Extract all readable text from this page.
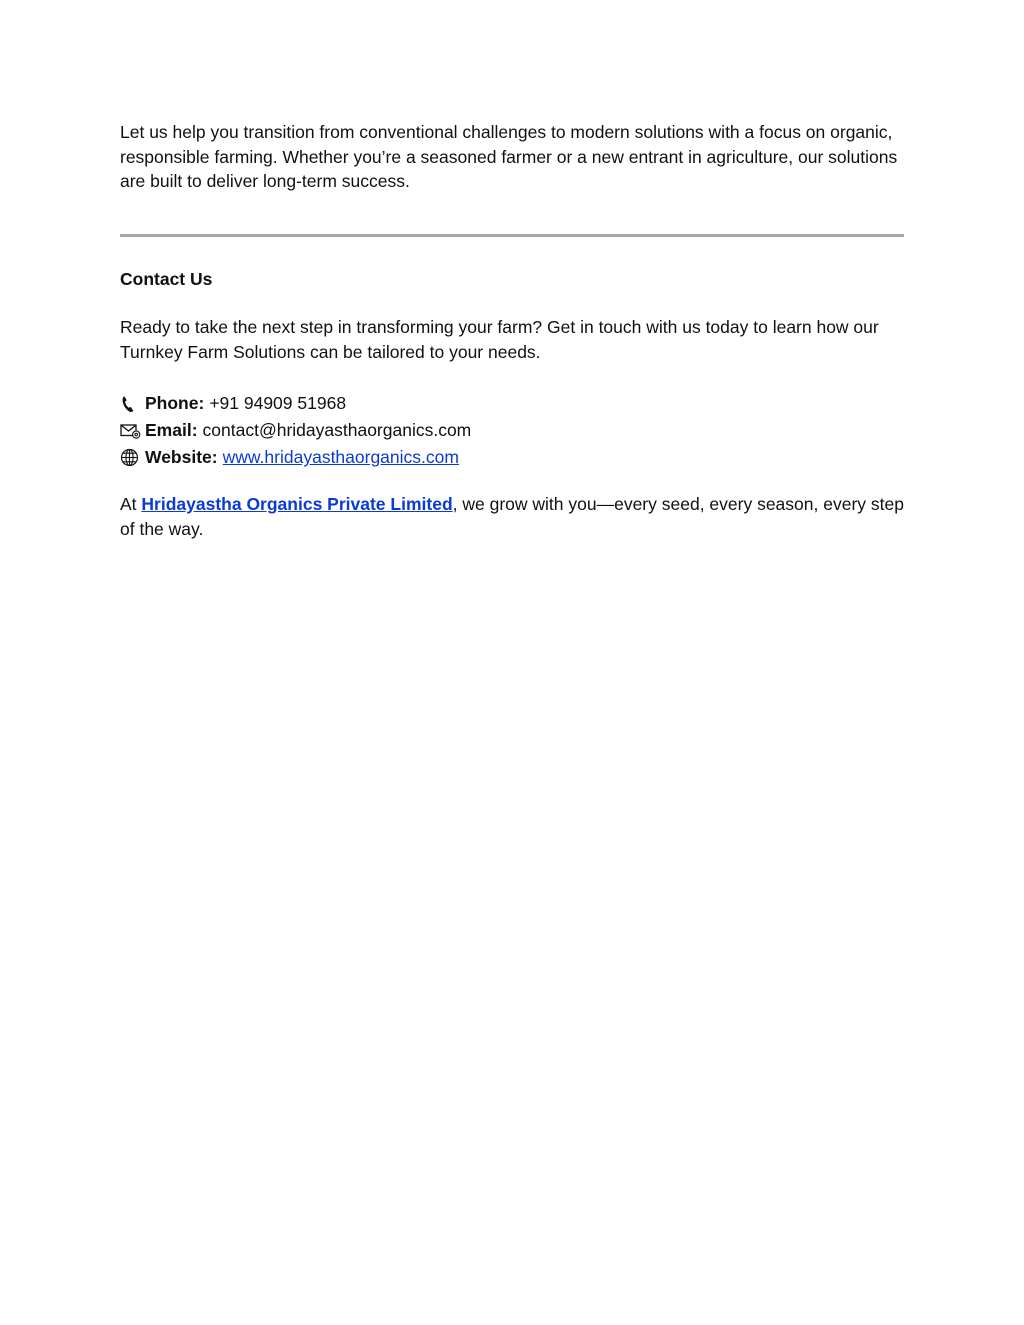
Let us help you transition from conventional challenges to modern solutions with a focus on organic, responsible farming. Whether you’re a seasoned farmer or a new entrant in agriculture, our solutions are built to deliver long-term success.

Contact Us

Ready to take the next step in transforming your farm? Get in touch with us today to learn how our Turnkey Farm Solutions can be tailored to your needs.

Phone: +91 94909 51968
Email: contact@hridayasthaorganics.com
Website: www.hridayasthaorganics.com

At Hridayastha Organics Private Limited, we grow with you—every seed, every season, every step of the way.
